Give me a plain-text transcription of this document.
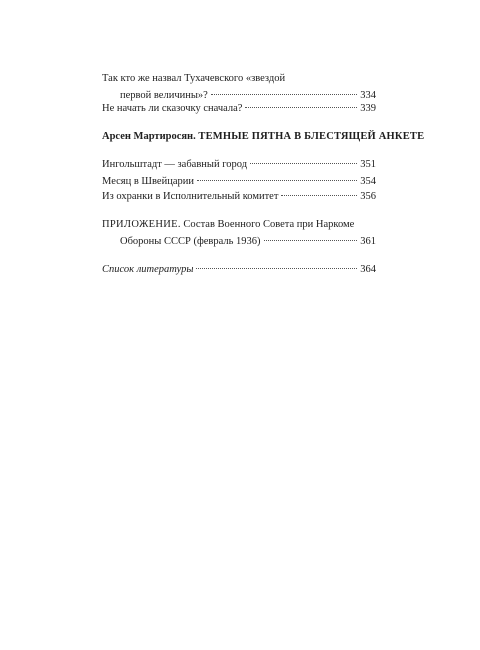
Так кто же назвал Тухачевского «звездой
первой величины»?	334
Не начать ли сказочку сначала?	339
Арсен Мартиросян. ТЕМНЫЕ ПЯТНА В БЛЕСТЯЩЕЙ АНКЕТЕ
Ингольштадт — забавный город	351
Месяц в Швейцарии	354
Из охранки в Исполнительный комитет	356
ПРИЛОЖЕНИЕ. Состав Военного Совета при Наркоме
Обороны СССР (февраль 1936)	361
Список литературы	364
